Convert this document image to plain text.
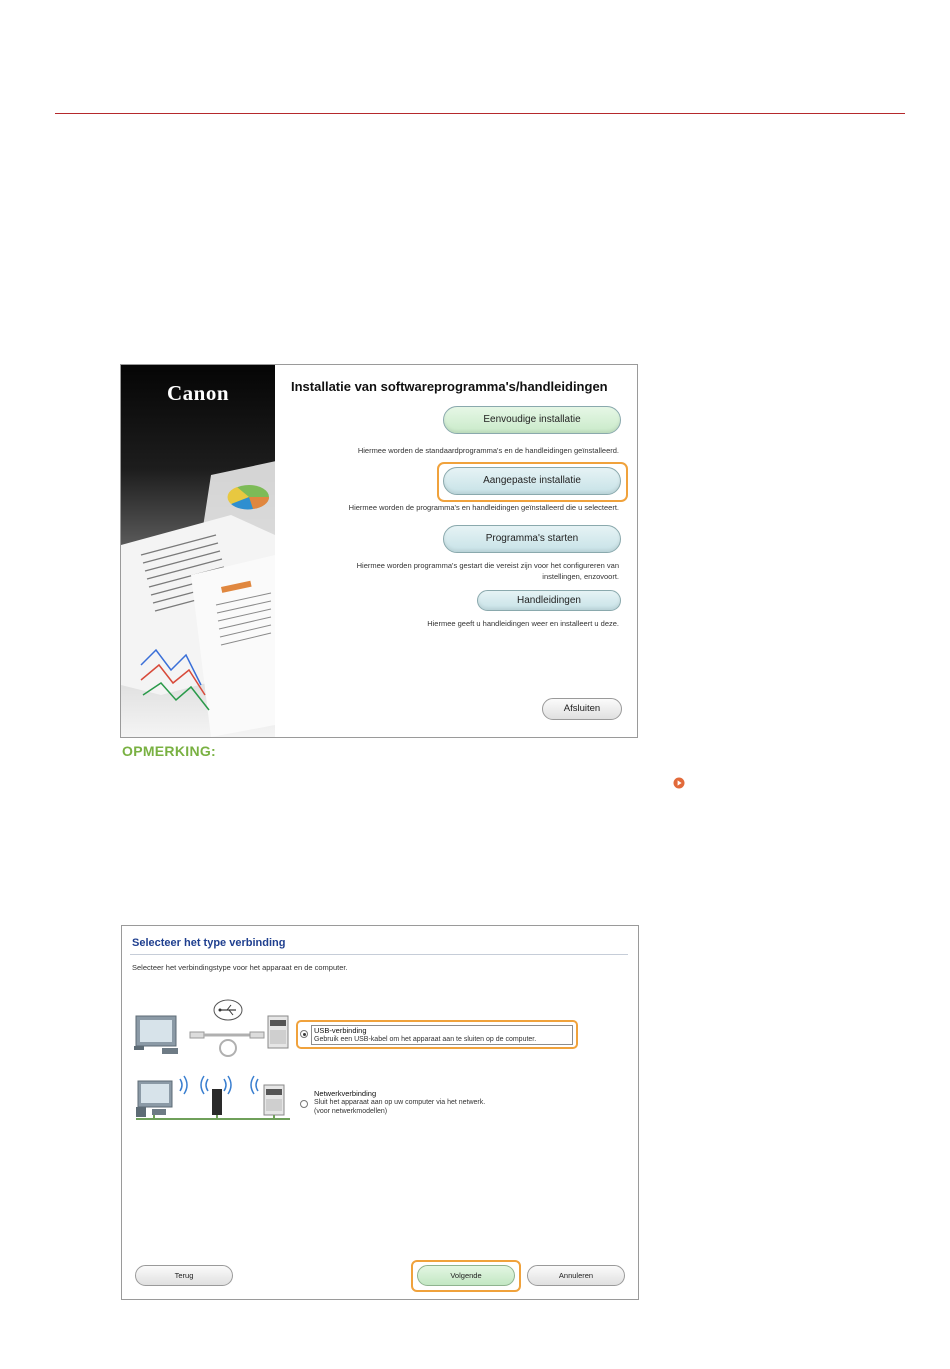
Canon	Installatie van softwareprogramma's/handleidingen
Eenvoudige installatie
Hiermee worden de standaardprogramma's en de handleidingen geïnstalleerd.
Aangepaste installatie
Hiermee worden de programma's en handleidingen geïnstalleerd die u selecteert.
Programma's starten
Hiermee worden programma's gestart die vereist zijn voor het configureren van
instellingen, enzovoort.
Handleidingen
Hiermee geeft u handleidingen weer en installeert u deze.
Afsluiten
OPMERKING:
Selecteer het type verbinding
Selecteer het verbindingstype voor het apparaat en de computer.
USB-verbinding
Gebruik een USB-kabel om het apparaat aan te sluiten op de computer.
Netwerkverbinding
Sluit het apparaat aan op uw computer via het netwerk.
(voor netwerkmodellen)
Terug	Volgende	Annuleren
